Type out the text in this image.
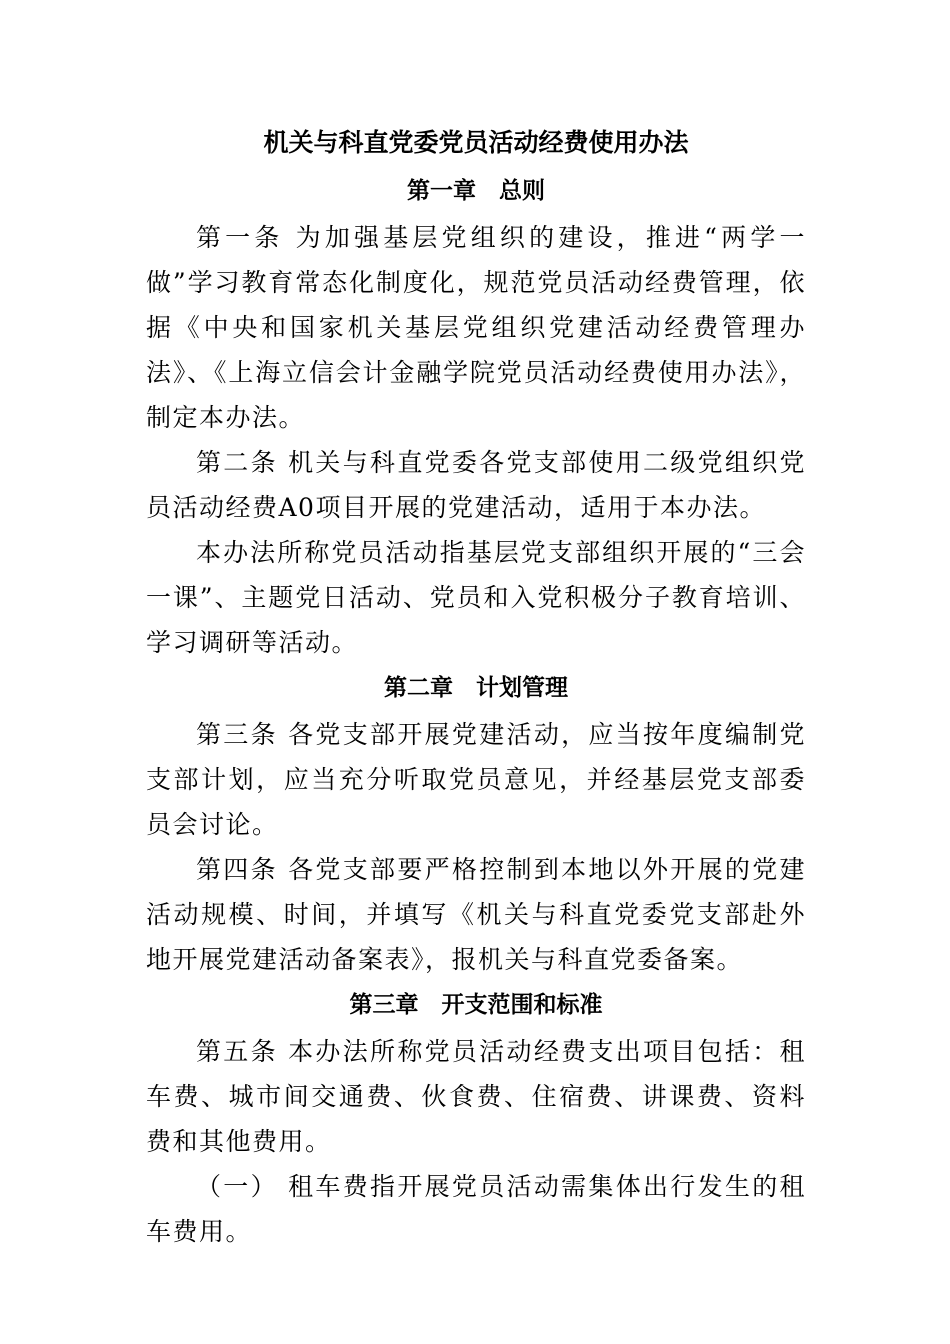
机关与科直党委党员活动经费使用办法
第一章　总则

第一条 为加强基层党组织的建设，推进“两学一做”学习教育常态化制度化，规范党员活动经费管理，依据《中央和国家机关基层党组织党建活动经费管理办法》、《上海立信会计金融学院党员活动经费使用办法》，制定本办法。

第二条 机关与科直党委各党支部使用二级党组织党员活动经费A0项目开展的党建活动，适用于本办法。

本办法所称党员活动指基层党支部组织开展的“三会一课”、主题党日活动、党员和入党积极分子教育培训、学习调研等活动。

第二章　计划管理

第三条 各党支部开展党建活动，应当按年度编制党支部计划，应当充分听取党员意见，并经基层党支部委员会讨论。

第四条 各党支部要严格控制到本地以外开展的党建活动规模、时间，并填写《机关与科直党委党支部赴外地开展党建活动备案表》，报机关与科直党委备案。

第三章　开支范围和标准

第五条 本办法所称党员活动经费支出项目包括：租车费、城市间交通费、伙食费、住宿费、讲课费、资料费和其他费用。

（一） 租车费指开展党员活动需集体出行发生的租车费用。
